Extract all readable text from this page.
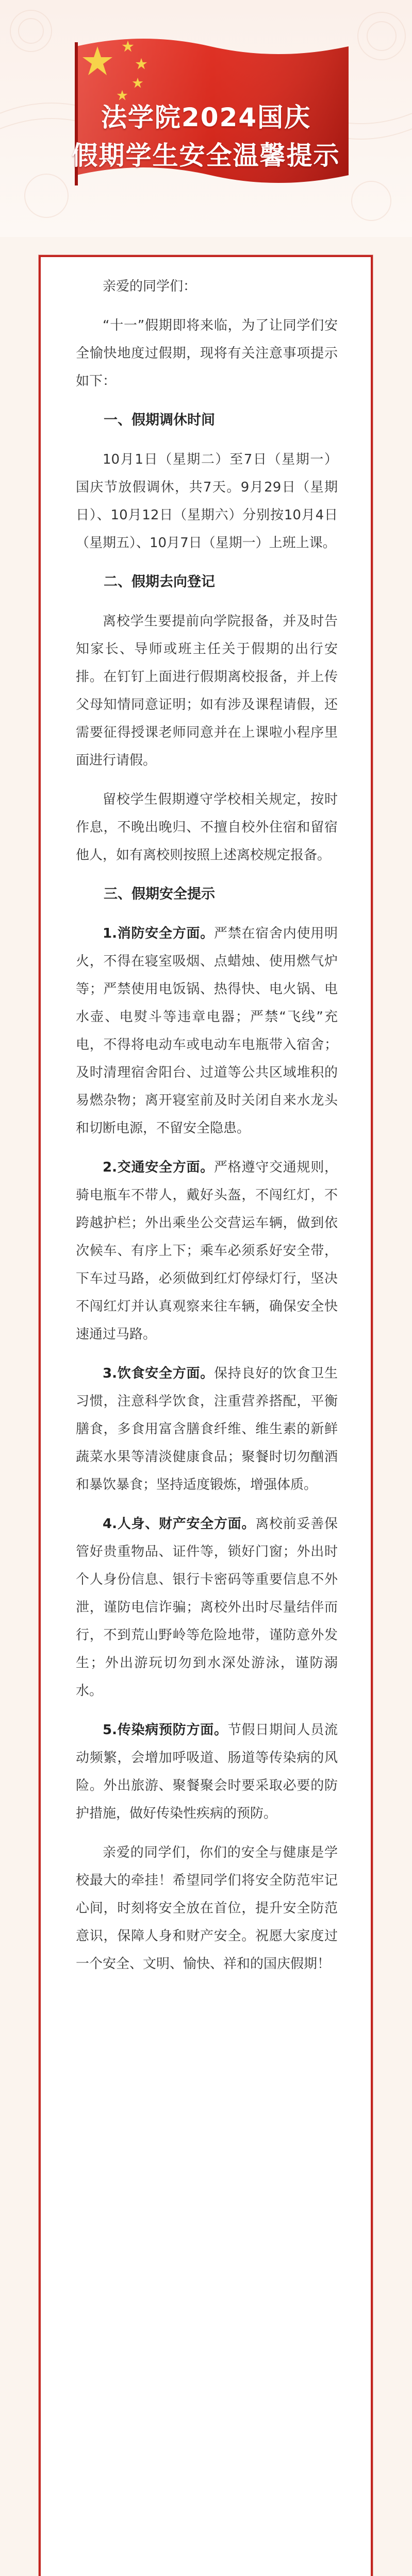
法学院2024国庆
假期学生安全温馨提示

亲爱的同学们：

“十一”假期即将来临，为了让同学们安全愉快地度过假期，现将有关注意事项提示如下：

一、假期调休时间

10月1日（星期二）至7日（星期一）国庆节放假调休，共7天。9月29日（星期日）、10月12日（星期六）分别按10月4日（星期五）、10月7日（星期一）上班上课。

二、假期去向登记

离校学生要提前向学院报备，并及时告知家长、导师或班主任关于假期的出行安排。在钉钉上面进行假期离校报备，并上传父母知情同意证明；如有涉及课程请假，还需要征得授课老师同意并在上课啦小程序里面进行请假。

留校学生假期遵守学校相关规定，按时作息，不晚出晚归、不擅自校外住宿和留宿他人，如有离校则按照上述离校规定报备。

三、假期安全提示

1.消防安全方面。严禁在宿舍内使用明火，不得在寝室吸烟、点蜡烛、使用燃气炉等；严禁使用电饭锅、热得快、电火锅、电水壶、电熨斗等违章电器；严禁“飞线”充电，不得将电动车或电动车电瓶带入宿舍；及时清理宿舍阳台、过道等公共区域堆积的易燃杂物；离开寝室前及时关闭自来水龙头和切断电源，不留安全隐患。

2.交通安全方面。严格遵守交通规则，骑电瓶车不带人，戴好头盔，不闯红灯，不跨越护栏；外出乘坐公交营运车辆，做到依次候车、有序上下；乘车必须系好安全带，下车过马路，必须做到红灯停绿灯行，坚决不闯红灯并认真观察来往车辆，确保安全快速通过马路。

3.饮食安全方面。保持良好的饮食卫生习惯，注意科学饮食，注重营养搭配，平衡膳食，多食用富含膳食纤维、维生素的新鲜蔬菜水果等清淡健康食品；聚餐时切勿酗酒和暴饮暴食；坚持适度锻炼，增强体质。

4.人身、财产安全方面。离校前妥善保管好贵重物品、证件等，锁好门窗；外出时个人身份信息、银行卡密码等重要信息不外泄，谨防电信诈骗；离校外出时尽量结伴而行，不到荒山野岭等危险地带，谨防意外发生；外出游玩切勿到水深处游泳，谨防溺水。

5.传染病预防方面。节假日期间人员流动频繁，会增加呼吸道、肠道等传染病的风险。外出旅游、聚餐聚会时要采取必要的防护措施，做好传染性疾病的预防。

亲爱的同学们，你们的安全与健康是学校最大的牵挂！希望同学们将安全防范牢记心间，时刻将安全放在首位，提升安全防范意识，保障人身和财产安全。祝愿大家度过一个安全、文明、愉快、祥和的国庆假期！
